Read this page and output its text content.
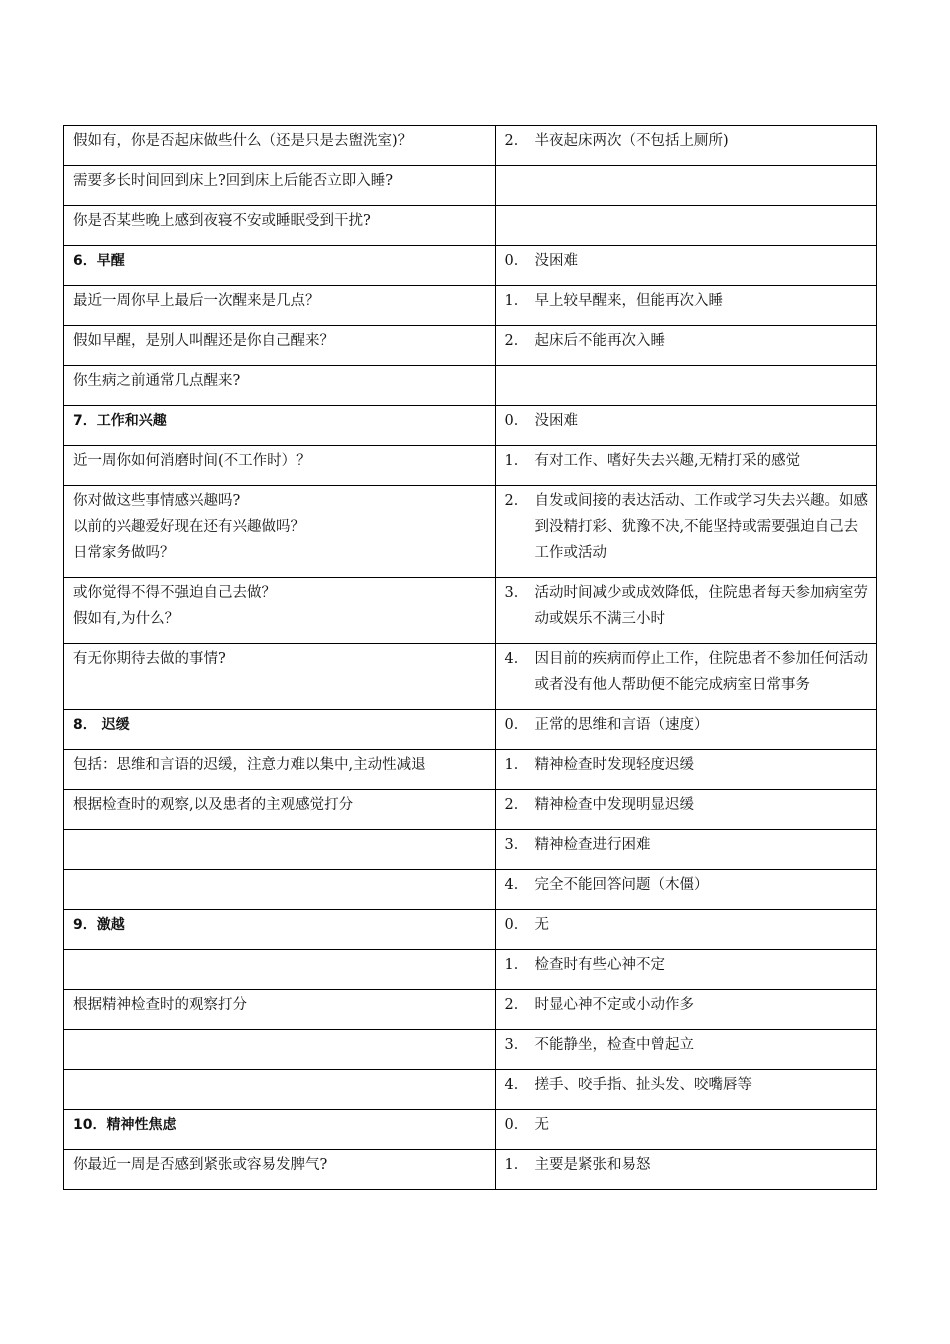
假如有，你是否起床做些什么（还是只是去盥洗室)？	2． 半夜起床两次（不包括上厕所)

需要多长时间回到床上?回到床上后能否立即入睡?	

你是否某些晚上感到夜寝不安或睡眠受到干扰?	

6．早醒	0． 没困难

最近一周你早上最后一次醒来是几点？	1． 早上较早醒来，但能再次入睡

假如早醒，是别人叫醒还是你自己醒来？	2． 起床后不能再次入睡

你生病之前通常几点醒来?	

7．工作和兴趣	0． 没困难

近一周你如何消磨时间(不工作时）？	1． 有对工作、嗜好失去兴趣,无精打采的感觉

你对做这些事情感兴趣吗?
以前的兴趣爱好现在还有兴趣做吗？
日常家务做吗？	2． 自发或间接的表达活动、工作或学习失去兴趣。如感到没精打彩、犹豫不决,不能坚持或需要强迫自己去工作或活动

或你觉得不得不强迫自己去做？
假如有,为什么？	3． 活动时间减少或成效降低，住院患者每天参加病室劳动或娱乐不满三小时

有无你期待去做的事情?	4． 因目前的疾病而停止工作，住院患者不参加任何活动或者没有他人帮助便不能完成病室日常事务

8． 迟缓	0． 正常的思维和言语（速度）

包括：思维和言语的迟缓，注意力难以集中,主动性减退	1． 精神检查时发现轻度迟缓

根据检查时的观察,以及患者的主观感觉打分	2． 精神检查中发现明显迟缓

	3． 精神检查进行困难

	4． 完全不能回答问题（木僵）

9．激越	0． 无

	1． 检查时有些心神不定

根据精神检查时的观察打分	2． 时显心神不定或小动作多

	3． 不能静坐，检查中曾起立

	4． 搓手、咬手指、扯头发、咬嘴唇等

10．精神性焦虑	0． 无

你最近一周是否感到紧张或容易发脾气?	1． 主要是紧张和易怒
